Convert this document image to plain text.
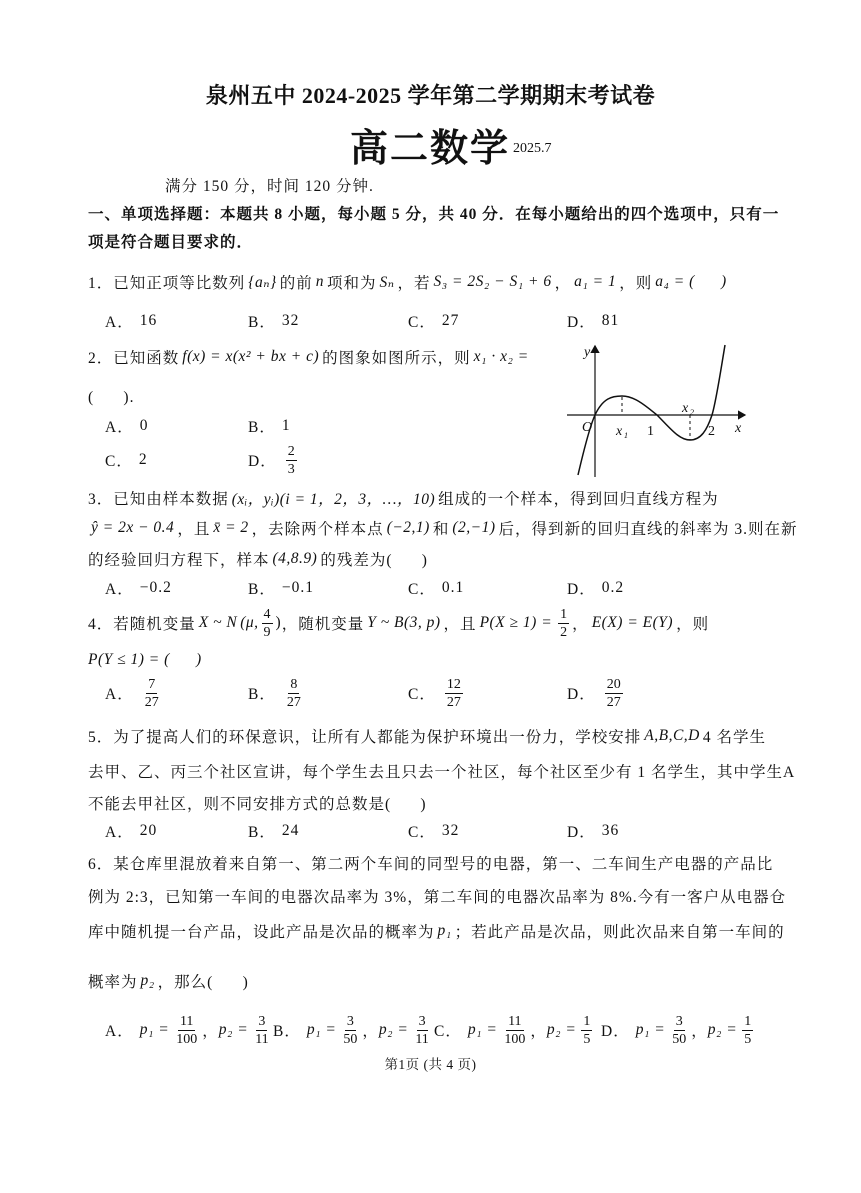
泉州五中 2024-2025 学年第二学期期末考试卷
高二数学 2025.7
满分 150 分，时间 120 分钟.
一、单项选择题：本题共 8 小题，每小题 5 分，共 40 分．在每小题给出的四个选项中，只有一
项是符合题目要求的．
1．已知正项等比数列 {aₙ} 的前 n 项和为 Sₙ ，若 S₃ = 2S₂ − S₁ + 6 ， a₁ = 1 ，则 a₄ = (      )
A． 16	B． 32	C． 27	D． 81
2．已知函数 f(x) = x(x² + bx + c) 的图象如图所示，则 x₁ · x₂ =
(      ).
A． 0	B． 1
C． 2	D． $\frac{2}{3}$
y
O x₁ 1
x₂
2 x
3．已知由样本数据 (xᵢ，yᵢ)(i = 1，2，3，…，10) 组成的一个样本，得到回归直线方程为
ŷ = 2x − 0.4 ，且 x̄ = 2 ，去除两个样本点 (−2,1) 和 (2,−1) 后，得到新的回归直线的斜率为 3.则在新
的经验回归方程下，样本 (4,8.9) 的残差为(      )
A． −0.2	B． −0.1	C． 0.1	D． 0.2
4．若随机变量 X ~ N (μ, $\frac{4}{9}$ ) ，随机变量 Y ~ B(3, p) ，且 $P(X \ge 1) = \frac{1}{2}$ ， E(X) = E(Y) ，则
P(Y ≤ 1) = (      )
A． $\frac{7}{27}$	B． $\frac{8}{27}$	C． $\frac{12}{27}$	D． $\frac{20}{27}$
5．为了提高人们的环保意识，让所有人都能为保护环境出一份力，学校安排 A,B,C,D 4 名学生
去甲、乙、丙三个社区宣讲，每个学生去且只去一个社区，每个社区至少有 1 名学生，其中学生A
不能去甲社区，则不同安排方式的总数是(      )
A． 20	B． 24	C． 32	D． 36
6．某仓库里混放着来自第一、第二两个车间的同型号的电器，第一、二车间生产电器的产品比
例为 2:3，已知第一车间的电器次品率为 3%，第二车间的电器次品率为 8%.今有一客户从电器仓
库中随机提一台产品，设此产品是次品的概率为 p₁ ；若此产品是次品，则此次品来自第一车间的
概率为 p₂ ，那么(      )
A． $p_1 = \frac{11}{100}$ ， $p_2 = \frac{3}{11}$ B． $p_1 = \frac{3}{50}$ ， $p_2 = \frac{3}{11}$ C． $p_1 = \frac{11}{100}$ ， $p_2 = \frac{1}{5}$ D． $p_1 = \frac{3}{50}$ ， $p_2 = \frac{1}{5}$
第1页 (共 4 页)
